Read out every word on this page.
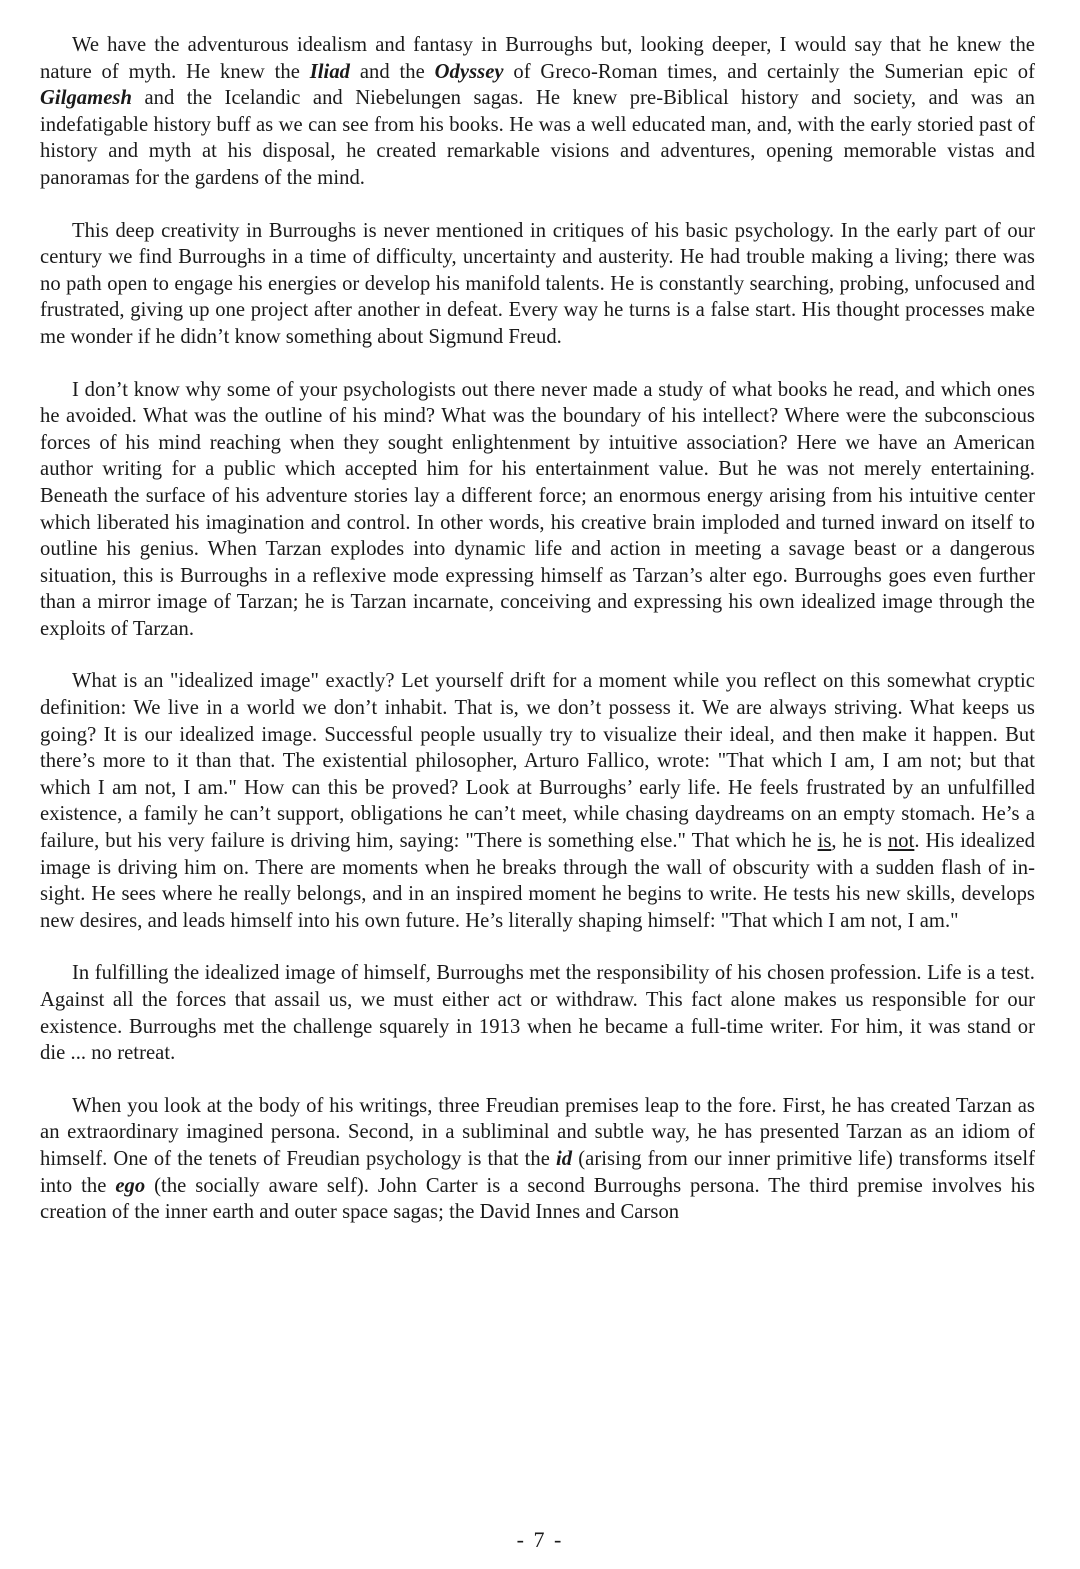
We have the adventurous idealism and fantasy in Burroughs but, looking deeper, I would say that he knew the nature of myth. He knew the Iliad and the Odyssey of Greco-Roman times, and certainly the Sumerian epic of Gilgamesh and the Icelandic and Niebelungen sagas. He knew pre-Biblical history and society, and was an indefatigable history buff as we can see from his books. He was a well educated man, and, with the early storied past of history and myth at his disposal, he created remarkable visions and adventures, opening memorable vistas and panoramas for the gardens of the mind.

This deep creativity in Burroughs is never mentioned in critiques of his basic psychology. In the early part of our century we find Burroughs in a time of difficulty, uncertainty and austerity. He had trouble making a living; there was no path open to engage his energies or develop his manifold talents. He is constantly searching, probing, unfocused and frustrated, giving up one project after another in defeat. Every way he turns is a false start. His thought processes make me wonder if he didn’t know something about Sigmund Freud.

I don’t know why some of your psychologists out there never made a study of what books he read, and which ones he avoided. What was the outline of his mind? What was the boundary of his intellect? Where were the subconscious forces of his mind reaching when they sought enlightenment by intuitive association? Here we have an American author writing for a public which accepted him for his entertainment value. But he was not merely entertaining. Beneath the surface of his adventure stories lay a different force; an enormous energy arising from his intuitive center which liberated his imagination and control. In other words, his creative brain imploded and turned inward on itself to outline his genius. When Tarzan explodes into dynamic life and action in meeting a savage beast or a dangerous situation, this is Burroughs in a reflexive mode expressing himself as Tarzan’s alter ego. Burroughs goes even further than a mirror image of Tarzan; he is Tarzan incarnate, conceiving and expressing his own idealized image through the exploits of Tarzan.

What is an "idealized image" exactly? Let yourself drift for a moment while you reflect on this somewhat cryptic definition: We live in a world we don’t inhabit. That is, we don’t possess it. We are always striving. What keeps us going? It is our idealized image. Successful people usually try to visualize their ideal, and then make it happen. But there’s more to it than that. The existential philosopher, Arturo Fallico, wrote: "That which I am, I am not; but that which I am not, I am." How can this be proved? Look at Burroughs’ early life. He feels frustrated by an unfulfilled existence, a family he can’t support, obligations he can’t meet, while chasing daydreams on an empty stomach. He’s a failure, but his very failure is driving him, saying: "There is something else." That which he is, he is not. His idealized image is driving him on. There are moments when he breaks through the wall of obscurity with a sudden flash of in-sight. He sees where he really belongs, and in an inspired moment he begins to write. He tests his new skills, develops new desires, and leads himself into his own future. He’s literally shaping himself: "That which I am not, I am."

In fulfilling the idealized image of himself, Burroughs met the responsibility of his chosen profession. Life is a test. Against all the forces that assail us, we must either act or withdraw. This fact alone makes us responsible for our existence. Burroughs met the challenge squarely in 1913 when he became a full-time writer. For him, it was stand or die ... no retreat.

When you look at the body of his writings, three Freudian premises leap to the fore. First, he has created Tarzan as an extraordinary imagined persona. Second, in a subliminal and subtle way, he has presented Tarzan as an idiom of himself. One of the tenets of Freudian psychology is that the id (arising from our inner primitive life) transforms itself into the ego (the socially aware self). John Carter is a second Burroughs persona. The third premise involves his creation of the inner earth and outer space sagas; the David Innes and Carson

- 7 -
